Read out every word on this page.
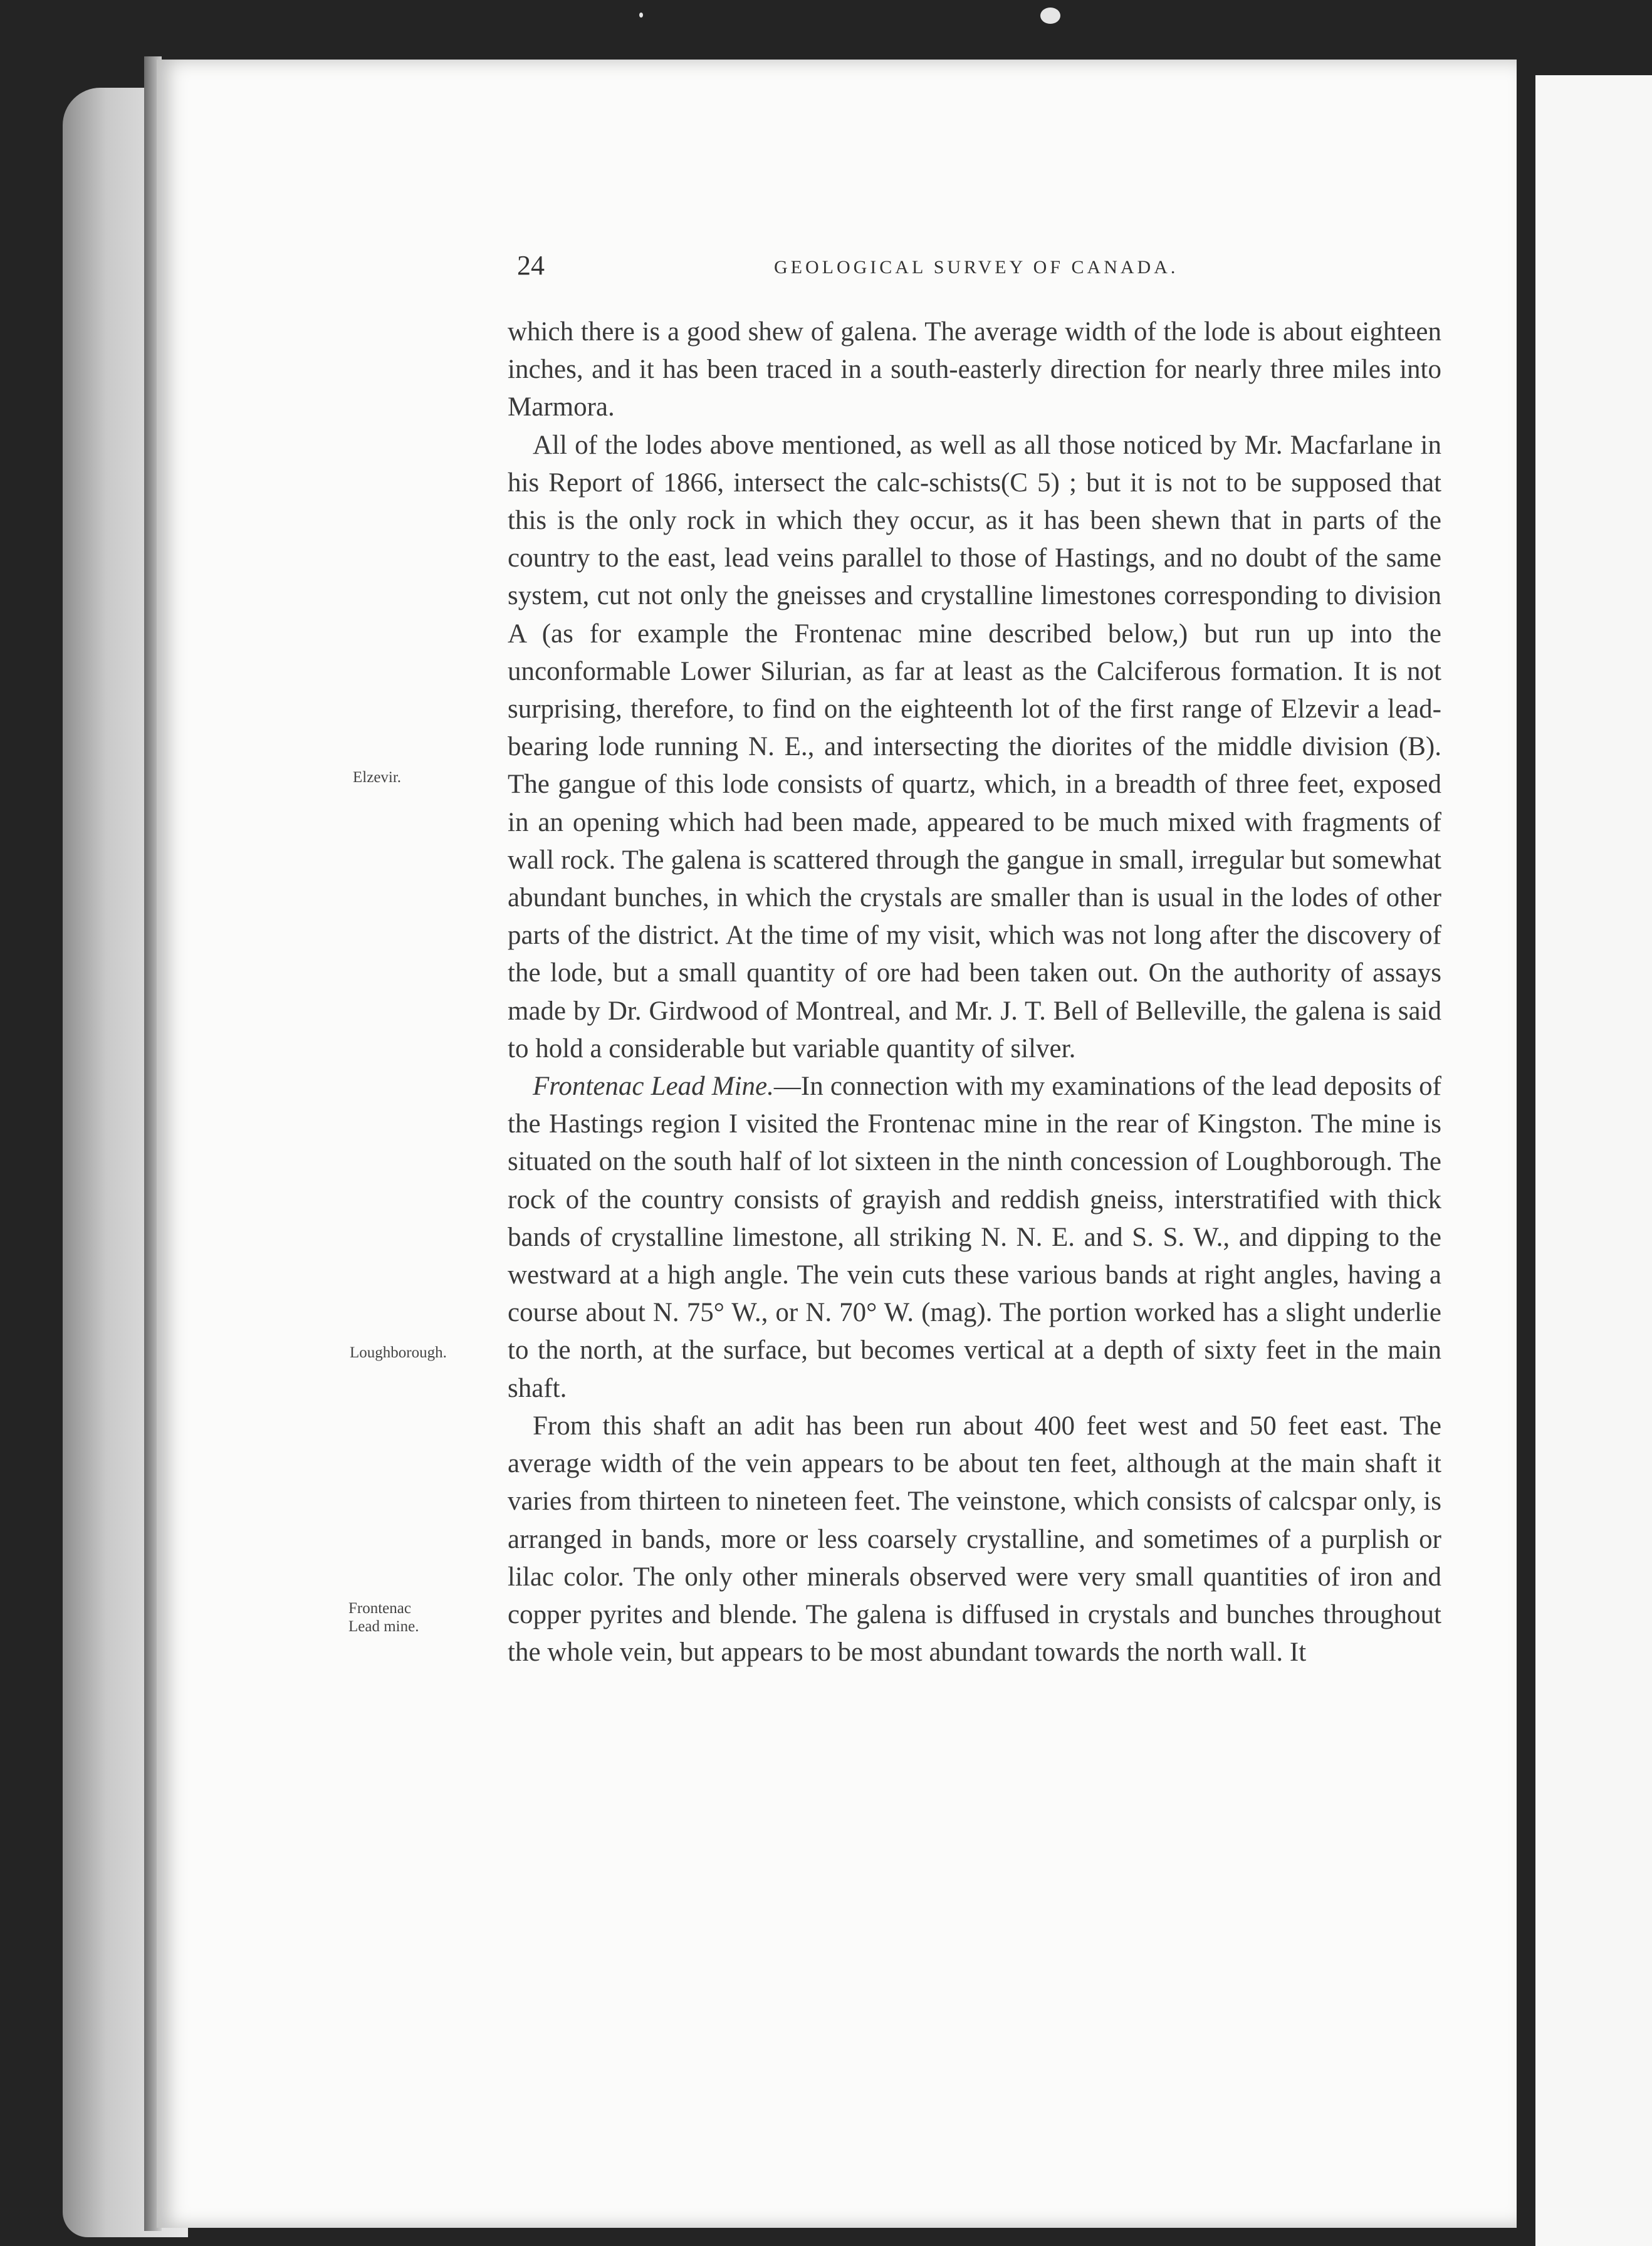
24	GEOLOGICAL SURVEY OF CANADA.

which there is a good shew of galena. The average width of the lode is about eighteen inches, and it has been traced in a south-easterly direction for nearly three miles into Marmora.

All of the lodes above mentioned, as well as all those noticed by Mr. Macfarlane in his Report of 1866, intersect the calc-schists(C 5) ; but it is not to be supposed that this is the only rock in which they occur, as it has been shewn that in parts of the country to the east, lead veins parallel to those of Hastings, and no doubt of the same system, cut not only the gneisses and crystalline limestones corresponding to division A (as for example the Frontenac mine described below,) but run up into the unconformable Lower Silurian, as far at least as the Calciferous formation. It is not surprising, therefore, to find on the eighteenth lot of the first range of Elzevir a lead-bearing lode running N. E., and intersecting the diorites of the middle division (B). The gangue of this lode consists of quartz, which, in a breadth of three feet, exposed in an opening which had been made, appeared to be much mixed with fragments of wall rock. The galena is scattered through the gangue in small, irregular but somewhat abundant bunches, in which the crystals are smaller than is usual in the lodes of other parts of the district. At the time of my visit, which was not long after the discovery of the lode, but a small quantity of ore had been taken out. On the authority of assays made by Dr. Girdwood of Montreal, and Mr. J. T. Bell of Belleville, the galena is said to hold a considerable but variable quantity of silver.

Frontenac Lead Mine.—In connection with my examinations of the lead deposits of the Hastings region I visited the Frontenac mine in the rear of Kingston. The mine is situated on the south half of lot sixteen in the ninth concession of Loughborough. The rock of the country consists of grayish and reddish gneiss, interstratified with thick bands of crystalline limestone, all striking N. N. E. and S. S. W., and dipping to the westward at a high angle. The vein cuts these various bands at right angles, having a course about N. 75° W., or N. 70° W. (mag). The portion worked has a slight underlie to the north, at the surface, but becomes vertical at a depth of sixty feet in the main shaft.

From this shaft an adit has been run about 400 feet west and 50 feet east. The average width of the vein appears to be about ten feet, although at the main shaft it varies from thirteen to nineteen feet. The veinstone, which consists of calcspar only, is arranged in bands, more or less coarsely crystalline, and sometimes of a purplish or lilac color. The only other minerals observed were very small quantities of iron and copper pyrites and blende. The galena is diffused in crystals and bunches throughout the whole vein, but appears to be most abundant towards the north wall. It

Elzevir.
Loughborough.
Frontenac
Lead mine.
